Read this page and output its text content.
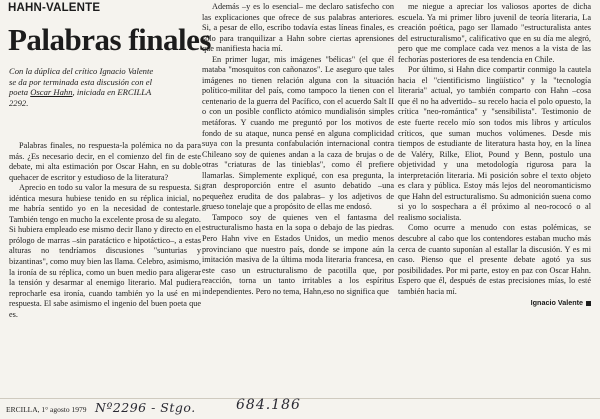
HAHN-VALENTE
Palabras finales
Con la dúplica del crítico Ignacio Valente
se da por terminada esta discusión con el
poeta Oscar Hahn, iniciada en ERCILLA
2292.

Palabras finales, no respuesta-la polémica no da para más. ¿Es necesario decir, en el comienzo del fin de este debate, mi alta estimación por Oscar Hahn, en su doble quehacer de escritor y estudioso de la literatura?

Aprecio en todo su valor la mesura de su respuesta. Si idéntica mesura hubiese tenido en su réplica inicial, no me habría sentido yo en la necesidad de contestarle. También tengo en mucho la excelente prosa de su alegato. Si hubiera empleado ese mismo decir llano y directo en el prólogo de marras –sin paratáctico e hipotáctico–, a estas alturas no tendríamos discusiones "sunturias y bizantinas", como muy bien las llama. Celebro, asimismo, la ironía de su réplica, como un buen medio para aligerar la tensión y desarmar al enemigo literario. Mal pudiera reprocharle esa ironía, cuando también yo la usé en mi respuesta. El sabe asimismo el ingenio del buen poeta que es.

Además –y es lo esencial– me declaro satisfecho con las explicaciones que ofrece de sus palabras anteriores. Si, a pesar de ello, escribo todavía estas líneas finales, es sólo para tranquilizar a Hahn sobre ciertas aprensiones que manifiesta hacia mí.

En primer lugar, mis imágenes "bélicas" (el que él mataba "mosquitos con cañonazos". Le aseguro que tales imágenes no tienen relación alguna con la situación político-militar del país, como tampoco la tienen con el centenario de la guerra del Pacífico, con el acuerdo Salt II o con un posible conflicto atómico mundialisón simples metáforas. Y cuando me preguntó por los motivos de fondo de su ataque, nunca pensé en alguna complicidad suya con la presunta confabulación internacional contra Chileano soy de quienes andan a la caza de brujas o de otras "criaturas de las tinieblas", como él prefiere llamarlas. Simplemente expliqué, con esa pregunta, la gran desproporción entre el asunto debatido –una pequeñez erudita de dos palabras– y los adjetivos de grueso tonelaje que a propósito de ellas me endosó.

Tampoco soy de quienes ven el fantasma del estructuralismo hasta en la sopa o debajo de las piedras. Pero Hahn vive en Estados Unidos, un medio menos provinciano que nuestro país, donde se impone aún la imitación masiva de la última moda literaria francesa, en este caso un estructuralismo de pacotilla que, por reacción, torna un tanto irritables a los espíritus independientes. Pero no tema, Hahn,eso no significa que

me niegue a apreciar los valiosos aportes de dicha escuela. Ya mi primer libro juvenil de teoría literaria, La creación poética, pago ser llamado "estructuralista antes del estructuralismo", calificativo que en su día me alegró, pero que me complace cada vez menos a la vista de las fechorías posteriores de esa tendencia en Chile.

Por último, si Hahn dice compartir conmigo la cautela hacia el "cientificismo lingüístico" y la "tecnología literaria" actual, yo también comparto con Hahn –cosa que él no ha advertido– su recelo hacia el polo opuesto, la crítica "neo-romántica" y "sensibilista". Testimonio de este fuerte recelo mío son todos mis libros y artículos críticos, que suman muchos volúmenes. Desde mis tiempos de estudiante de literatura hasta hoy, en la línea de Valéry, Rilke, Eliot, Pound y Benn, postulo una objetividad y una metodología rigurosa para la interpretación literaria. Mi posición sobre el texto objeto es clara y pública. Estoy más lejos del neoromanticismo que Hahn del estructuralismo. Su admonición suena como si yo lo sospechara a él próximo al neo-rococó o al realismo socialista.

Como ocurre a menudo con estas polémicas, se descubre al cabo que los contendores estaban mucho más cerca de cuanto suponían al estallar la discusión. Y es mi caso. Pienso que el presente debate agotó ya sus posibilidades. Por mi parte, estoy en paz con Oscar Hahn. Espero que él, después de estas precisiones mías, lo esté también hacia mí.

Ignacio Valente
ERCILLA, 1° agosto 1979 Nº2296 - Stgo.	684.186
